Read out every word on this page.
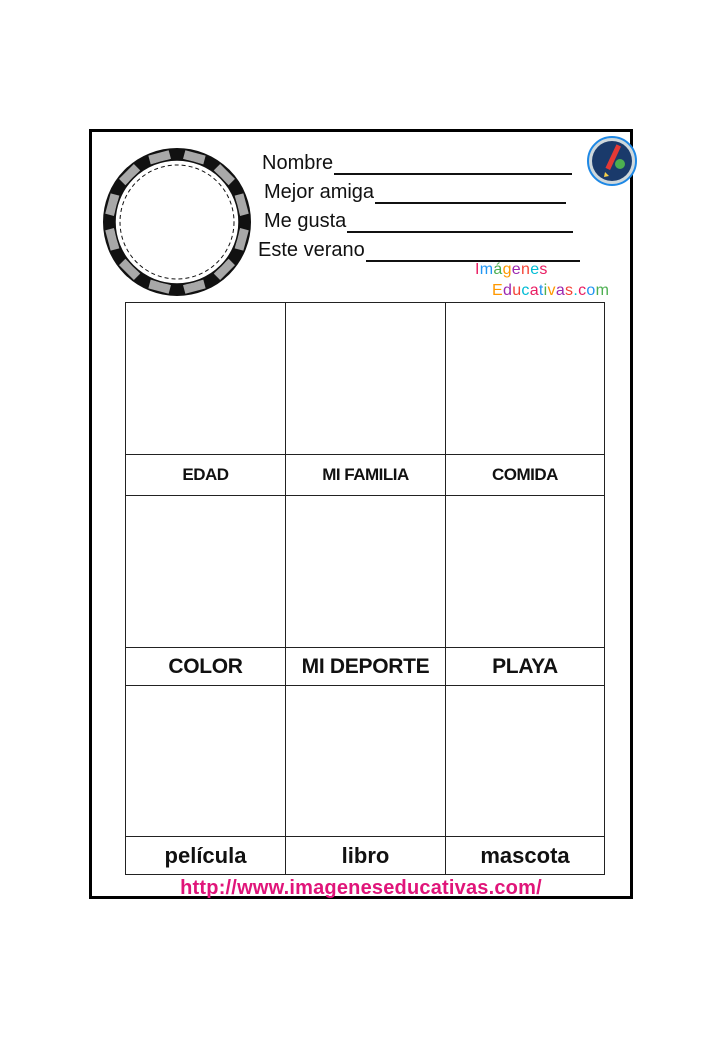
Nombre
Mejor amiga
Me gusta
Este verano
Imágenes
Educativas.com
EDAD	MI FAMILIA	COMIDA
COLOR	MI DEPORTE	PLAYA
película	libro	mascota
http://www.imageneseducativas.com/
